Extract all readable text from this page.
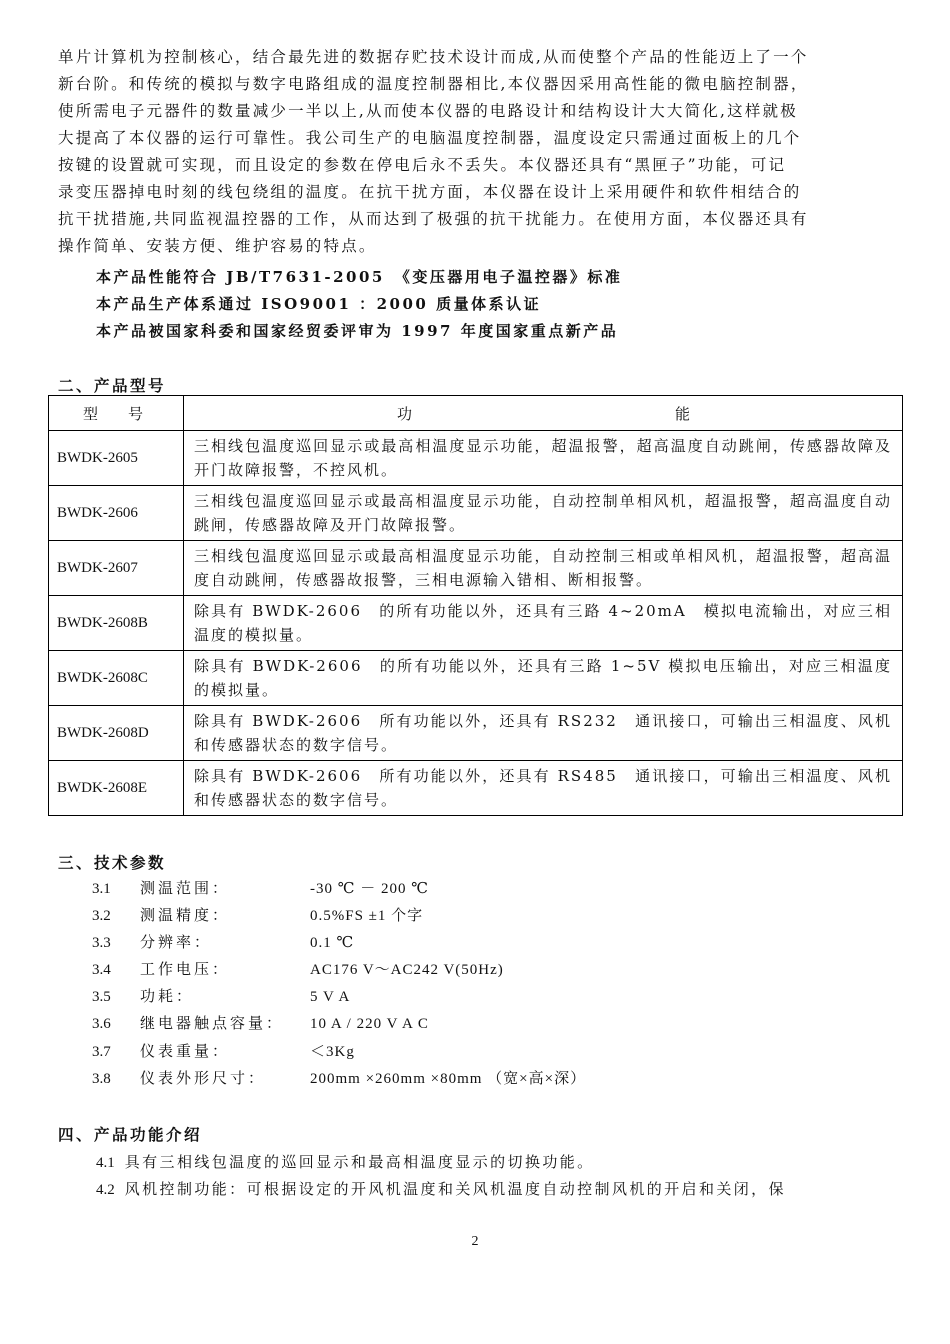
单片计算机为控制核心，结合最先进的数据存贮技术设计而成,从而使整个产品的性能迈上了一个
新台阶。和传统的模拟与数字电路组成的温度控制器相比,本仪器因采用高性能的微电脑控制器，
使所需电子元器件的数量减少一半以上,从而使本仪器的电路设计和结构设计大大简化,这样就极
大提高了本仪器的运行可靠性。我公司生产的电脑温度控制器，温度设定只需通过面板上的几个
按键的设置就可实现，而且设定的参数在停电后永不丢失。本仪器还具有“黑匣子”功能，可记
录变压器掉电时刻的线包绕组的温度。在抗干扰方面，本仪器在设计上采用硬件和软件相结合的
抗干扰措施,共同监视温控器的工作，从而达到了极强的抗干扰能力。在使用方面，本仪器还具有
操作简单、安装方便、维护容易的特点。
本产品性能符合 JB/T7631-2005　《变压器用电子温控器》标准
本产品生产体系通过 ISO9001 ：2000 质量体系认证
本产品被国家科委和国家经贸委评审为 1997 年度国家重点新产品
二、产品型号
型 号	功 能

BWDK-2605	三相线包温度巡回显示或最高相温度显示功能，超温报警，超高温度自动跳闸，传感器故障及开门故障报警，不控风机。
BWDK-2606	三相线包温度巡回显示或最高相温度显示功能，自动控制单相风机，超温报警，超高温度自动跳闸，传感器故障及开门故障报警。
BWDK-2607	三相线包温度巡回显示或最高相温度显示功能，自动控制三相或单相风机，超温报警，超高温度自动跳闸，传感器故报警，三相电源输入错相、断相报警。
BWDK-2608B	除具有 BWDK-2606　的所有功能以外，还具有三路 4~20mA　模拟电流输出，对应三相温度的模拟量。
BWDK-2608C	除具有 BWDK-2606　的所有功能以外，还具有三路 1~5V 模拟电压输出，对应三相温度的模拟量。
BWDK-2608D	除具有 BWDK-2606　所有功能以外，还具有 RS232　通讯接口，可输出三相温度、风机和传感器状态的数字信号。
BWDK-2608E	除具有 BWDK-2606　所有功能以外，还具有 RS485　通讯接口，可输出三相温度、风机和传感器状态的数字信号。
三、技术参数
3.1 测温范围：	-30 ℃ － 200 ℃
3.2 测温精度：	0.5%FS ±1 个字
3.3 分辨率：	0.1 ℃
3.4 工作电压：	AC176 V～AC242 V(50Hz)
3.5 功耗：	5 V A
3.6 继电器触点容量： 10 A / 220 V A C
3.7 仪表重量：	＜3Kg
3.8 仪表外形尺寸：	200mm ×260mm ×80mm （宽×高×深）
四、产品功能介绍
4.1 具有三相线包温度的巡回显示和最高相温度显示的切换功能。
4.2 风机控制功能：可根据设定的开风机温度和关风机温度自动控制风机的开启和关闭，保
2
